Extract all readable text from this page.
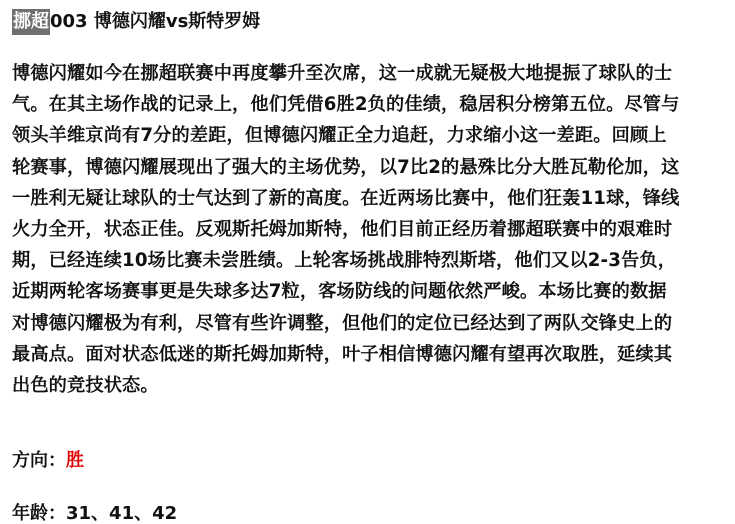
挪超 003 博德闪耀vs斯特罗姆
博德闪耀如今在挪超联赛中再度攀升至次席，这一成就无疑极大地提振了球队的士
气。在其主场作战的记录上，他们凭借6胜2负的佳绩，稳居积分榜第五位。尽管与
领头羊维京尚有7分的差距，但博德闪耀正全力追赶，力求缩小这一差距。回顾上
轮赛事，博德闪耀展现出了强大的主场优势，以7比2的悬殊比分大胜瓦勒伦加，这
一胜利无疑让球队的士气达到了新的高度。在近两场比赛中，他们狂轰11球，锋线
火力全开，状态正佳。反观斯托姆加斯特，他们目前正经历着挪超联赛中的艰难时
期，已经连续10场比赛未尝胜绩。上轮客场挑战腓特烈斯塔，他们又以2-3告负，
近期两轮客场赛事更是失球多达7粒，客场防线的问题依然严峻。本场比赛的数据
对博德闪耀极为有利，尽管有些许调整，但他们的定位已经达到了两队交锋史上的
最高点。面对状态低迷的斯托姆加斯特，叶子相信博德闪耀有望再次取胜，延续其
出色的竞技状态。
方向：胜
年龄：31、41、42
